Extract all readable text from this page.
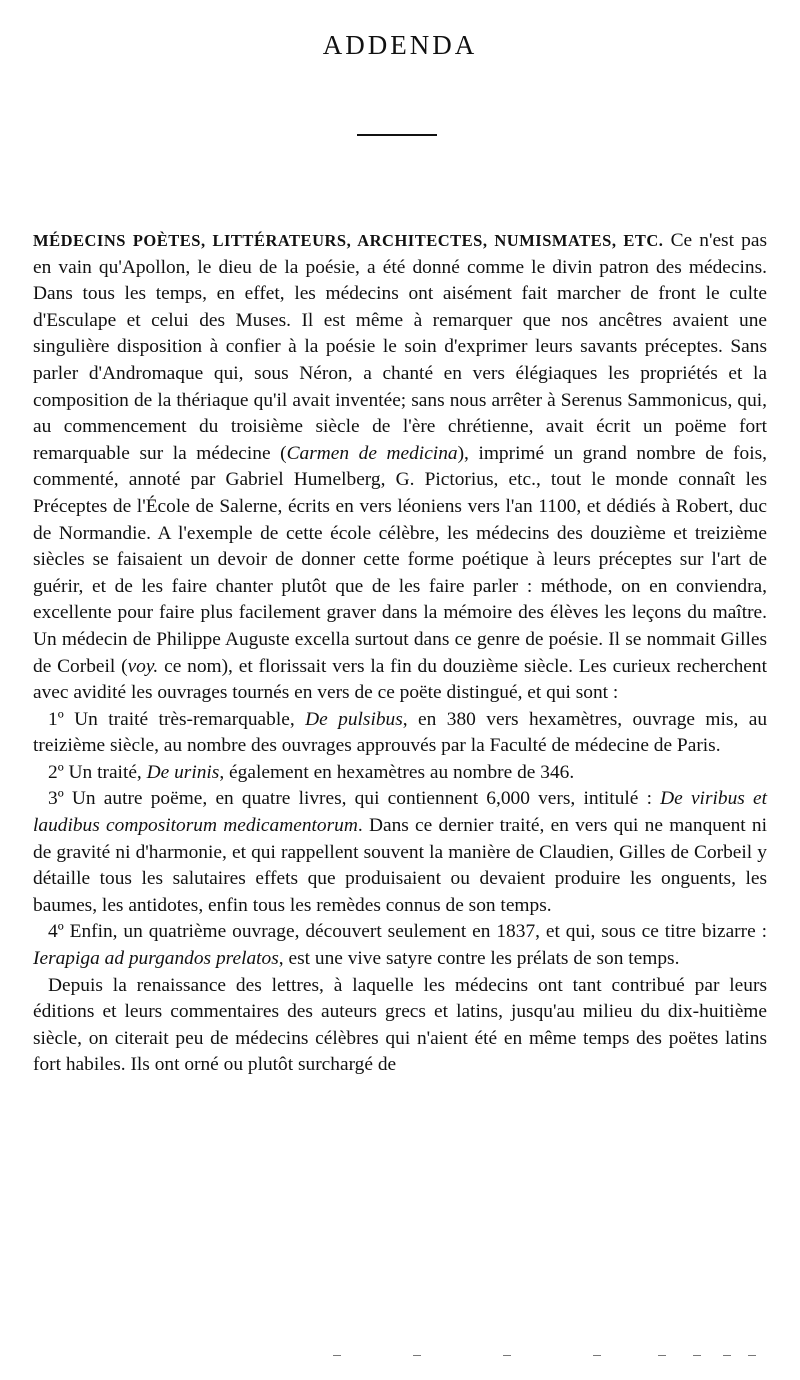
ADDENDA

MÉDECINS POÈTES, LITTÉRATEURS, ARCHITECTES, NUMISMATES, ETC. Ce n'est pas en vain qu'Apollon, le dieu de la poésie, a été donné comme le divin patron des médecins. Dans tous les temps, en effet, les médecins ont aisément fait marcher de front le culte d'Esculape et celui des Muses. Il est même à remarquer que nos ancêtres avaient une singulière disposition à confier à la poésie le soin d'exprimer leurs savants préceptes. Sans parler d'Andromaque qui, sous Néron, a chanté en vers élégiaques les propriétés et la composition de la thériaque qu'il avait inventée; sans nous arrêter à Serenus Sammonicus, qui, au commencement du troisième siècle de l'ère chrétienne, avait écrit un poëme fort remarquable sur la médecine (Carmen de medicina), imprimé un grand nombre de fois, commenté, annoté par Gabriel Humelberg, G. Pictorius, etc., tout le monde connaît les Préceptes de l'École de Salerne, écrits en vers léoniens vers l'an 1100, et dédiés à Robert, duc de Normandie. A l'exemple de cette école célèbre, les médecins des douzième et treizième siècles se faisaient un devoir de donner cette forme poétique à leurs préceptes sur l'art de guérir, et de les faire chanter plutôt que de les faire parler : méthode, on en conviendra, excellente pour faire plus facilement graver dans la mémoire des élèves les leçons du maître. Un médecin de Philippe Auguste excella surtout dans ce genre de poésie. Il se nommait Gilles de Corbeil (voy. ce nom), et florissait vers la fin du douzième siècle. Les curieux recherchent avec avidité les ouvrages tournés en vers de ce poëte distingué, et qui sont :

1º Un traité très-remarquable, De pulsibus, en 380 vers hexamètres, ouvrage mis, au treizième siècle, au nombre des ouvrages approuvés par la Faculté de médecine de Paris.

2º Un traité, De urinis, également en hexamètres au nombre de 346.

3º Un autre poëme, en quatre livres, qui contiennent 6,000 vers, intitulé : De viribus et laudibus compositorum medicamentorum. Dans ce dernier traité, en vers qui ne manquent ni de gravité ni d'harmonie, et qui rappellent souvent la manière de Claudien, Gilles de Corbeil y détaille tous les salutaires effets que produisaient ou devaient produire les onguents, les baumes, les antidotes, enfin tous les remèdes connus de son temps.

4º Enfin, un quatrième ouvrage, découvert seulement en 1837, et qui, sous ce titre bizarre : Ierapiga ad purgandos prelatos, est une vive satyre contre les prélats de son temps.

Depuis la renaissance des lettres, à laquelle les médecins ont tant contribué par leurs éditions et leurs commentaires des auteurs grecs et latins, jusqu'au milieu du dix-huitième siècle, on citerait peu de médecins célèbres qui n'aient été en même temps des poëtes latins fort habiles. Ils ont orné ou plutôt surchargé de
